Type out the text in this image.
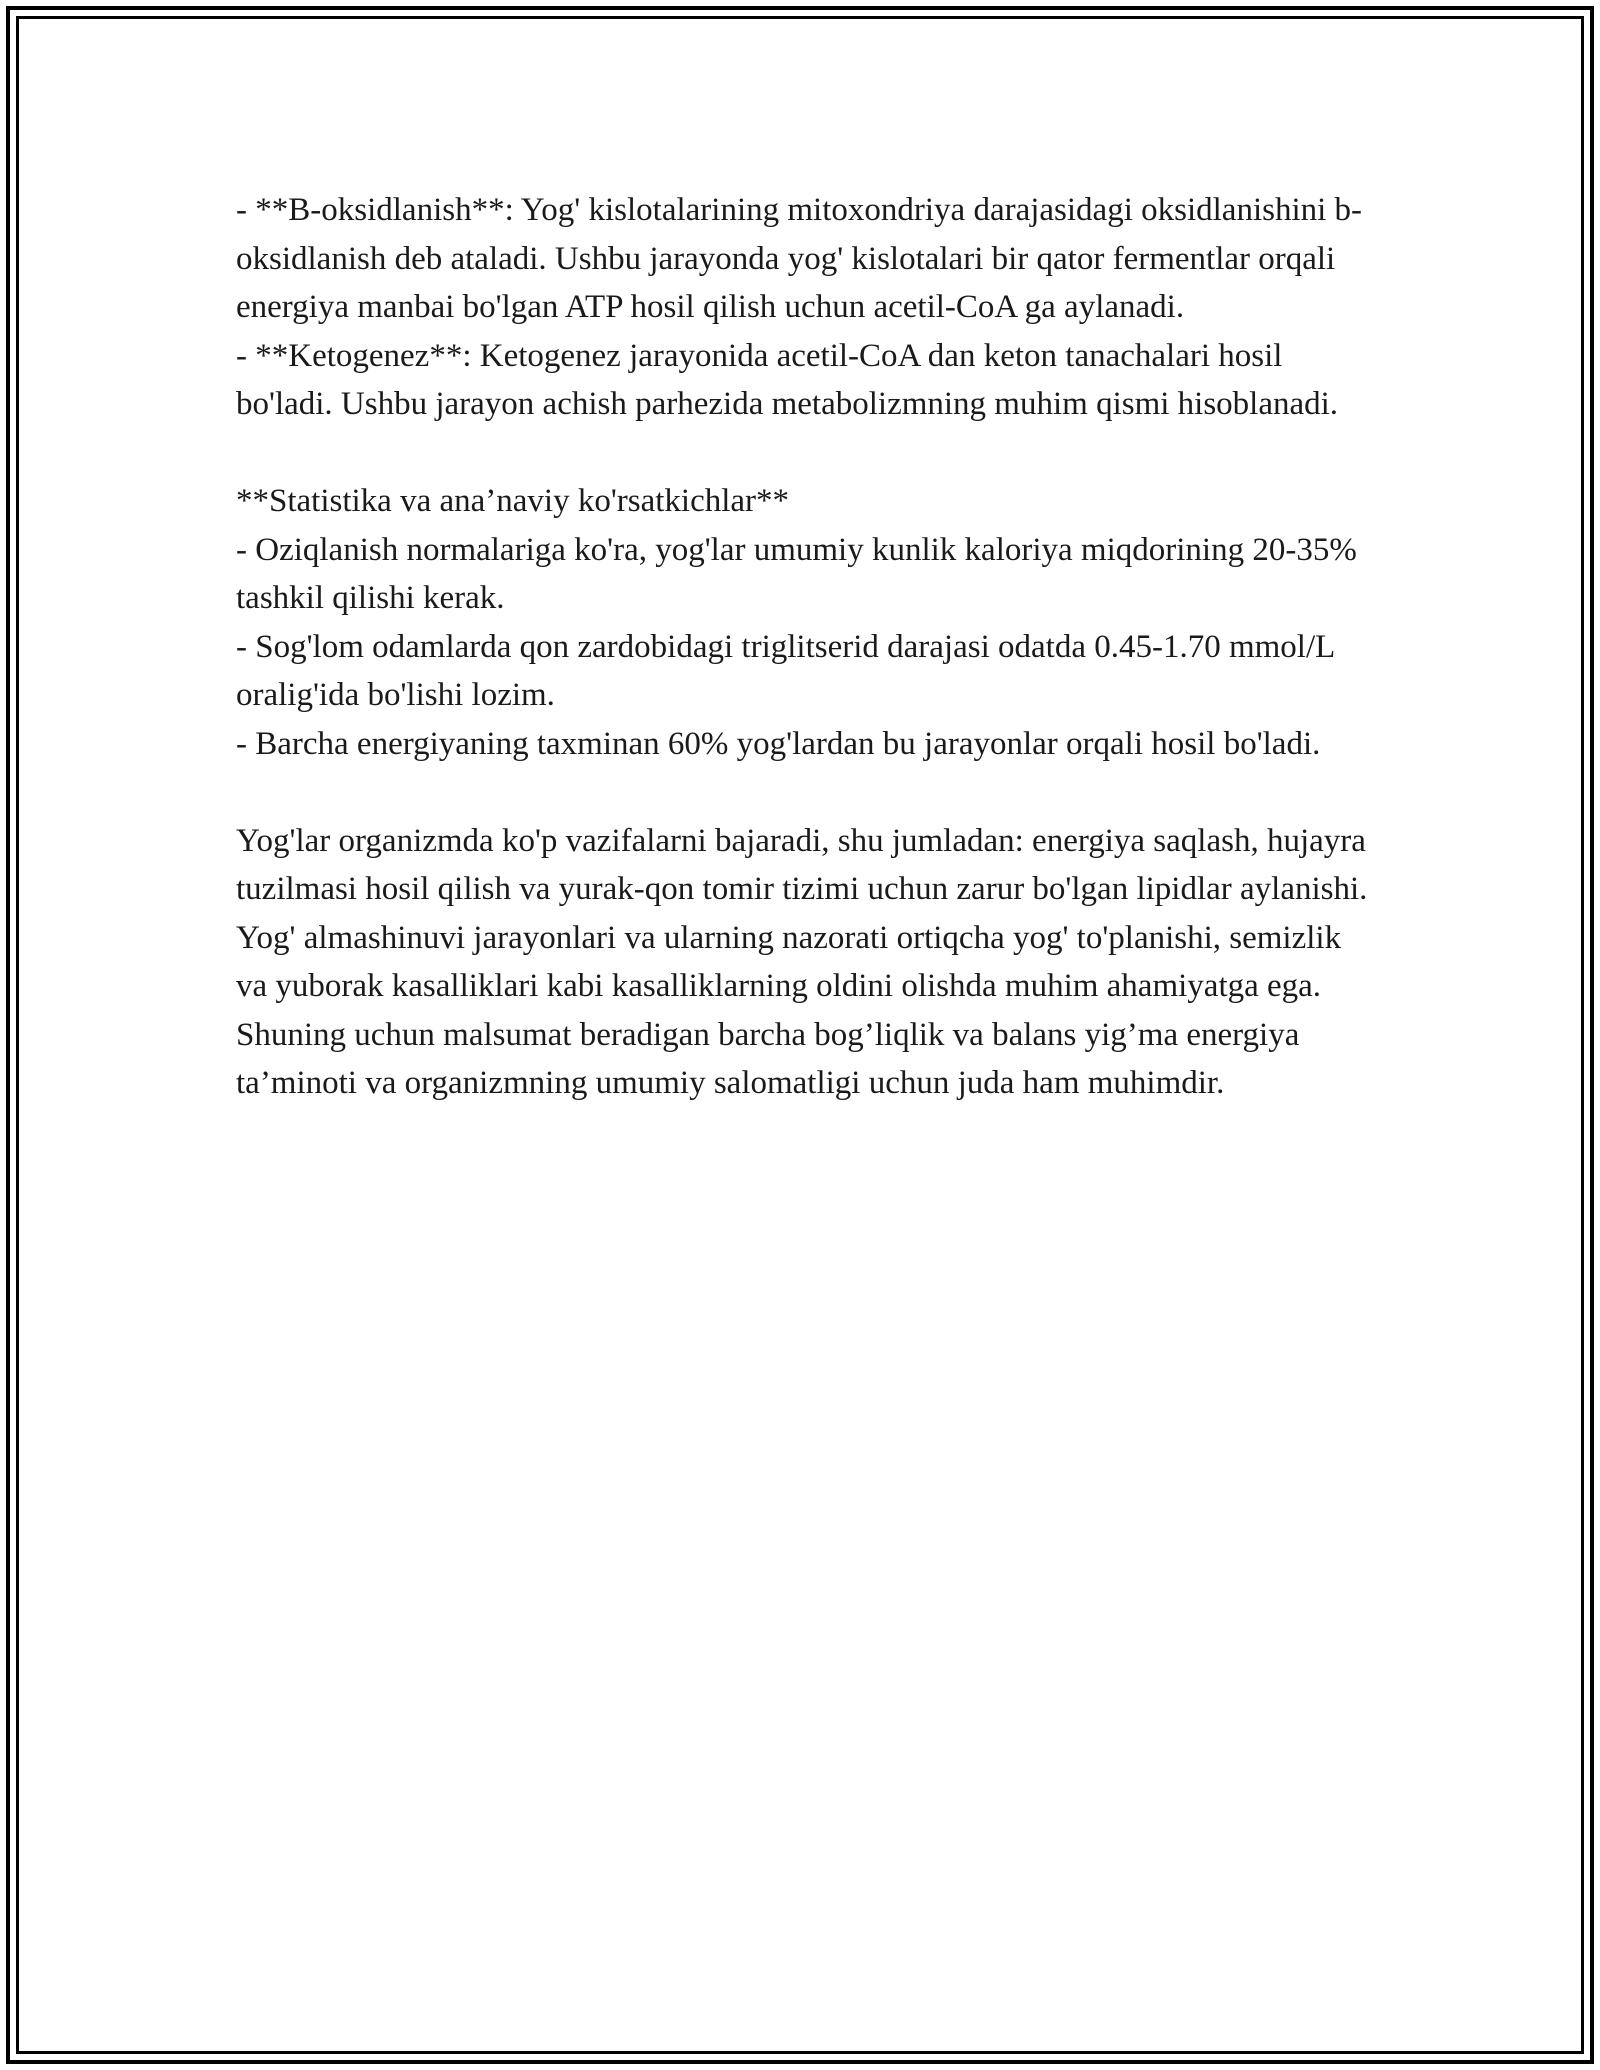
- **B-oksidlanish**: Yog' kislotalarining mitoxondriya darajasidagi oksidlanishini b-oksidlanish deb ataladi. Ushbu jarayonda yog' kislotalari bir qator fermentlar orqali energiya manbai bo'lgan ATP hosil qilish uchun acetil-CoA ga aylanadi.

- **Ketogenez**: Ketogenez jarayonida acetil-CoA dan keton tanachalari hosil bo'ladi. Ushbu jarayon achish parhezida metabolizmning muhim qismi hisoblanadi.

**Statistika va ana’naviy ko'rsatkichlar**

- Oziqlanish normalariga ko'ra, yog'lar umumiy kunlik kaloriya miqdorining 20-35% tashkil qilishi kerak.

- Sog'lom odamlarda qon zardobidagi triglitserid darajasi odatda 0.45-1.70 mmol/L oralig'ida bo'lishi lozim.

- Barcha energiyaning taxminan 60% yog'lardan bu jarayonlar orqali hosil bo'ladi.

Yog'lar organizmda ko'p vazifalarni bajaradi, shu jumladan: energiya saqlash, hujayra tuzilmasi hosil qilish va yurak-qon tomir tizimi uchun zarur bo'lgan lipidlar aylanishi. Yog' almashinuvi jarayonlari va ularning nazorati ortiqcha yog' to'planishi, semizlik va yuborak kasalliklari kabi kasalliklarning oldini olishda muhim ahamiyatga ega. Shuning uchun malsumat beradigan barcha bog’liqlik va balans yig’ma energiya ta’minoti va organizmning umumiy salomatligi uchun juda ham muhimdir.
